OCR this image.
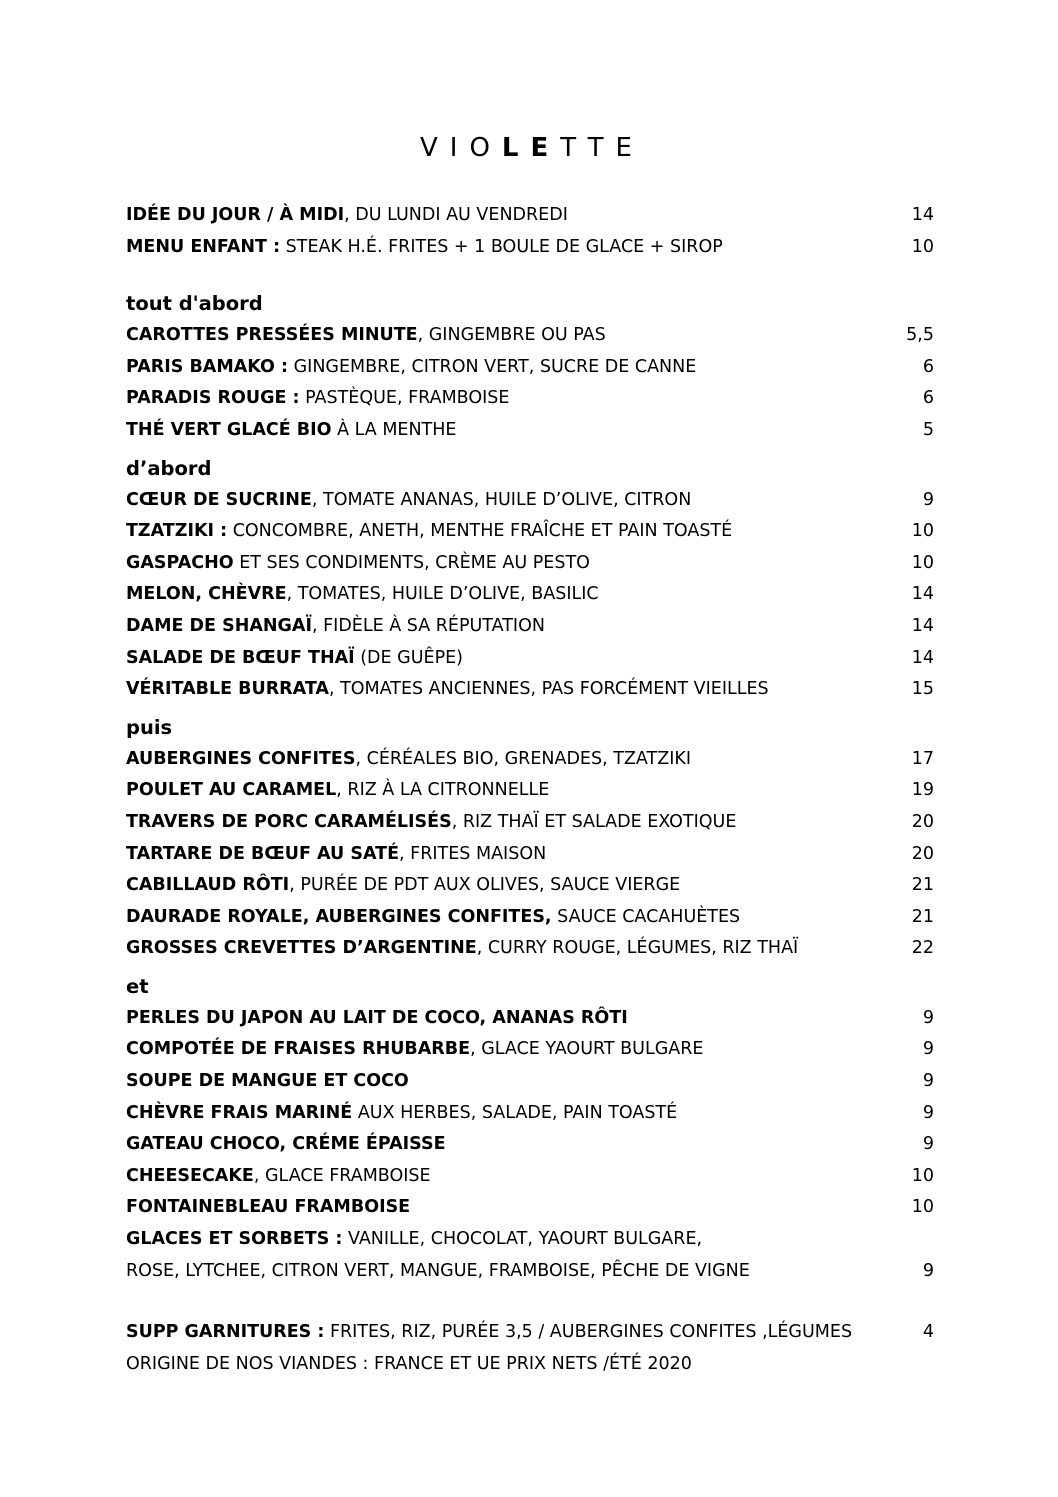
VIOLETTE
IDÉE DU JOUR / À MIDI, DU LUNDI AU VENDREDI	14
MENU ENFANT : STEAK H.É. FRITES + 1 BOULE DE GLACE + SIROP	10
tout d'abord
CAROTTES PRESSÉES MINUTE, GINGEMBRE OU PAS	5,5
PARIS BAMAKO : GINGEMBRE, CITRON VERT, SUCRE DE CANNE	6
PARADIS ROUGE : PASTÈQUE, FRAMBOISE	6
THÉ VERT GLACÉ BIO À LA MENTHE	5
d’abord
CŒUR DE SUCRINE, TOMATE ANANAS, HUILE D’OLIVE, CITRON	9
TZATZIKI : CONCOMBRE, ANETH, MENTHE FRAÎCHE ET PAIN TOASTÉ	10
GASPACHO ET SES CONDIMENTS, CRÈME AU PESTO	10
MELON, CHÈVRE, TOMATES, HUILE D’OLIVE, BASILIC	14
DAME DE SHANGAÏ, FIDÈLE À SA RÉPUTATION	14
SALADE DE BŒUF THAÏ (DE GUÊPE)	14
VÉRITABLE BURRATA, TOMATES ANCIENNES, PAS FORCÉMENT VIEILLES	15
puis
AUBERGINES CONFITES, CÉRÉALES BIO, GRENADES, TZATZIKI	17
POULET AU CARAMEL, RIZ À LA CITRONNELLE	19
TRAVERS DE PORC CARAMÉLISÉS, RIZ THAÏ ET SALADE EXOTIQUE	20
TARTARE DE BŒUF AU SATÉ, FRITES MAISON	20
CABILLAUD RÔTI, PURÉE DE PDT AUX OLIVES, SAUCE VIERGE	21
DAURADE ROYALE, AUBERGINES CONFITES, SAUCE CACAHUÈTES	21
GROSSES CREVETTES D’ARGENTINE, CURRY ROUGE, LÉGUMES, RIZ THAÏ	22
et
PERLES DU JAPON AU LAIT DE COCO, ANANAS RÔTI	9
COMPOTÉE DE FRAISES RHUBARBE, GLACE YAOURT BULGARE	9
SOUPE DE MANGUE ET COCO	9
CHÈVRE FRAIS MARINÉ AUX HERBES, SALADE, PAIN TOASTÉ	9
GATEAU CHOCO, CRÉME ÉPAISSE	9
CHEESECAKE, GLACE FRAMBOISE	10
FONTAINEBLEAU FRAMBOISE	10
GLACES ET SORBETS : VANILLE, CHOCOLAT, YAOURT BULGARE,
ROSE, LYTCHEE, CITRON VERT, MANGUE, FRAMBOISE, PÊCHE DE VIGNE	9
SUPP GARNITURES : FRITES, RIZ, PURÉE 3,5 / AUBERGINES CONFITES ,LÉGUMES	4
ORIGINE DE NOS VIANDES : FRANCE ET UE PRIX NETS /ÉTÉ 2020
